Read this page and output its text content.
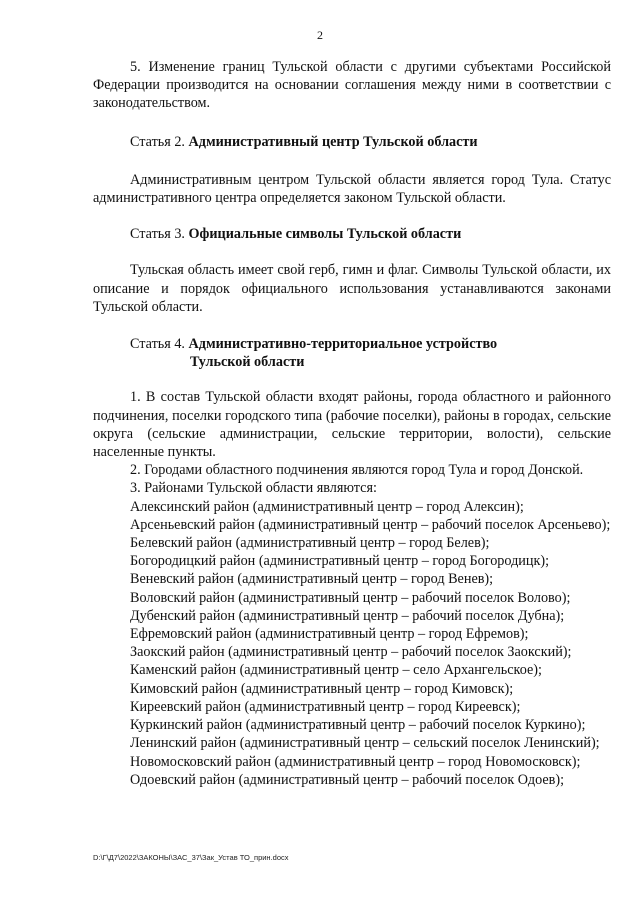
2

5. Изменение границ Тульской области с другими субъектами Российской Федерации производится на основании соглашения между ними в соответствии с законодательством.

Статья 2. Административный центр Тульской области

Административным центром Тульской области является город Тула. Статус административного центра определяется законом Тульской области.

Статья 3. Официальные символы Тульской области

Тульская область имеет свой герб, гимн и флаг. Символы Тульской области, их описание и порядок официального использования устанавливаются законами Тульской области.

Статья 4. Административно-территориальное устройство

Тульской области

1. В состав Тульской области входят районы, города областного и районного подчинения, поселки городского типа (рабочие поселки), районы в городах, сельские округа (сельские администрации, сельские территории, волости), сельские населенные пункты.

2. Городами областного подчинения являются город Тула и город Донской.

3. Районами Тульской области являются:

Алексинский район (административный центр – город Алексин);

Арсеньевский район (административный центр – рабочий поселок Арсеньево);

Белевский район (административный центр – город Белев);

Богородицкий район (административный центр – город Богородицк);

Веневский район (административный центр – город Венев);

Воловский район (административный центр – рабочий поселок Волово);

Дубенский район (административный центр – рабочий поселок Дубна);

Ефремовский район (административный центр – город Ефремов);

Заокский район (административный центр – рабочий поселок Заокский);

Каменский район (административный центр – село Архангельское);

Кимовский район (административный центр – город Кимовск);

Киреевский район (административный центр – город Киреевск);

Куркинский район (административный центр – рабочий поселок Куркино);

Ленинский район (административный центр – сельский поселок Ленинский);

Новомосковский район (административный центр – город Новомосковск);

Одоевский район (административный центр – рабочий поселок Одоев);

D:\Г\Д7\2022\ЗАКОНЫ\ЗАС_37\Зак_Устав ТО_прин.docx
